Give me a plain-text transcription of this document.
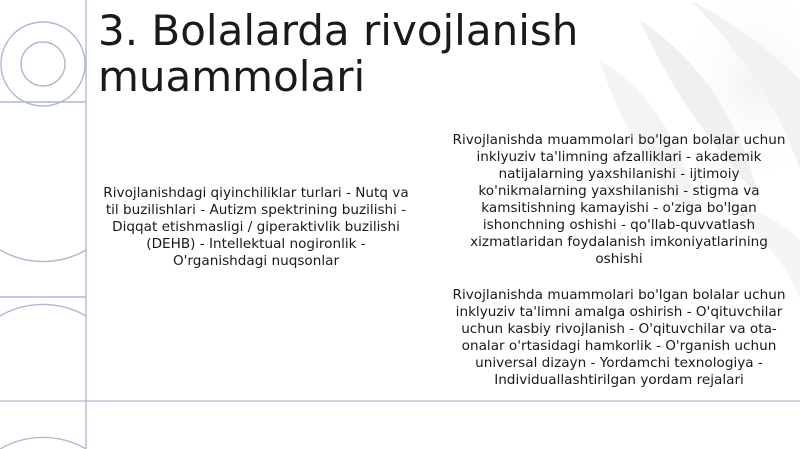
3. Bolalarda rivojlanish
muammolari

Rivojlanishdagi qiyinchiliklar turlari - Nutq va til buzilishlari - Autizm spektrining buzilishi - Diqqat etishmasligi / giperaktivlik buzilishi (DEHB) - Intellektual nogironlik - O'rganishdagi nuqsonlar

Rivojlanishda muammolari bo'lgan bolalar uchun inklyuziv ta'limning afzalliklari - akademik natijalarning yaxshilanishi - ijtimoiy ko'nikmalarning yaxshilanishi - stigma va kamsitishning kamayishi - o'ziga bo'lgan ishonchning oshishi - qo'llab-quvvatlash xizmatlaridan foydalanish imkoniyatlarining oshishi

Rivojlanishda muammolari bo'lgan bolalar uchun inklyuziv ta'limni amalga oshirish - O'qituvchilar uchun kasbiy rivojlanish - O'qituvchilar va ota-onalar o'rtasidagi hamkorlik - O'rganish uchun universal dizayn - Yordamchi texnologiya - Individuallashtirilgan yordam rejalari
